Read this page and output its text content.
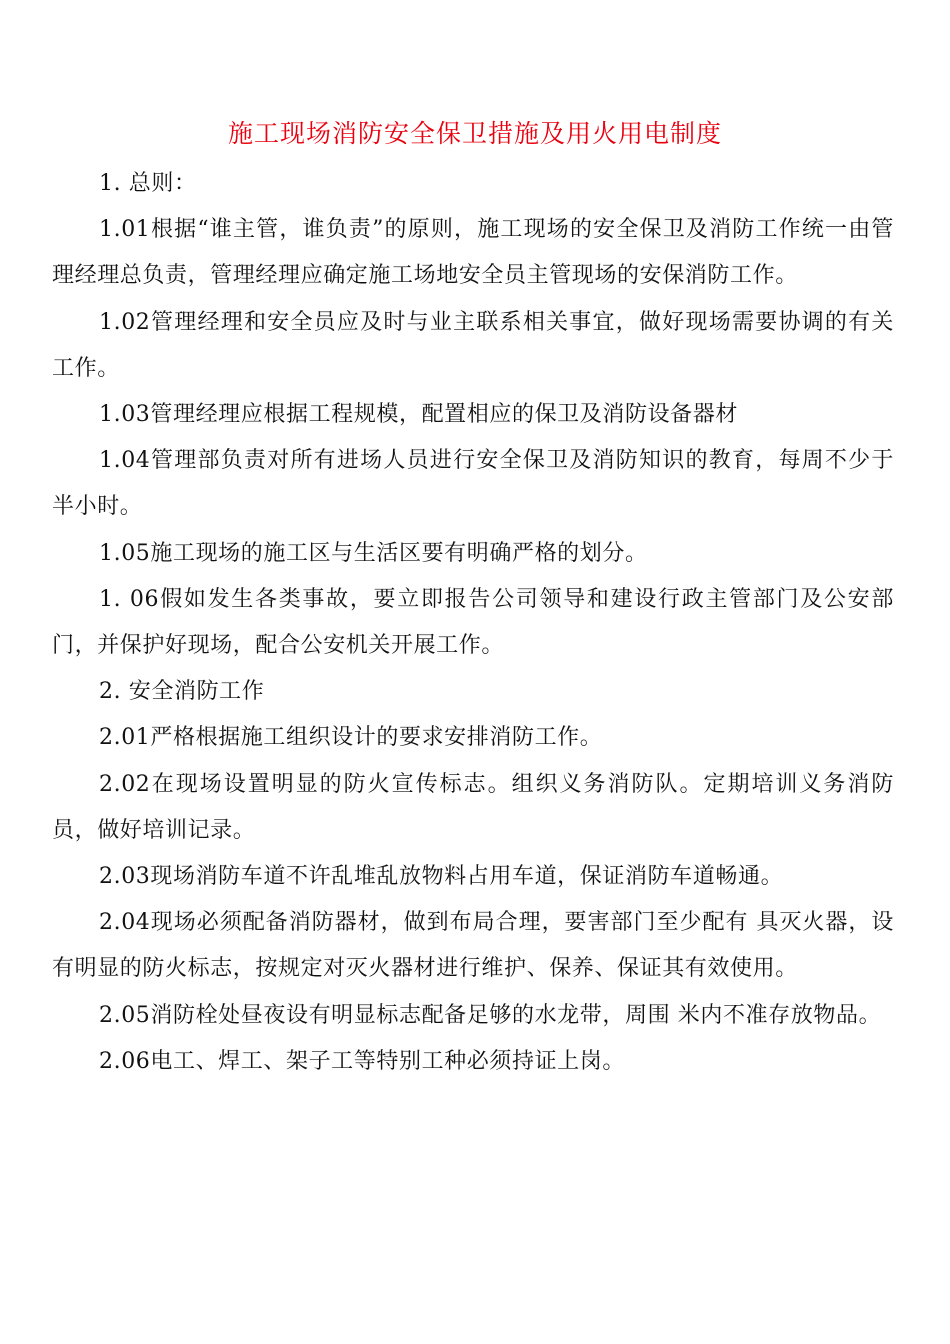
施工现场消防安全保卫措施及用火用电制度

1. 总则：

1.01根据“谁主管，谁负责”的原则，施工现场的安全保卫及消防工作统一由管理经理总负责，管理经理应确定施工场地安全员主管现场的安保消防工作。

1.02管理经理和安全员应及时与业主联系相关事宜，做好现场需要协调的有关工作。

1.03管理经理应根据工程规模，配置相应的保卫及消防设备器材

1.04管理部负责对所有进场人员进行安全保卫及消防知识的教育，每周不少于半小时。

1.05施工现场的施工区与生活区要有明确严格的划分。

1. 06假如发生各类事故，要立即报告公司领导和建设行政主管部门及公安部门，并保护好现场，配合公安机关开展工作。

2. 安全消防工作

2.01严格根据施工组织设计的要求安排消防工作。

2.02在现场设置明显的防火宣传标志。组织义务消防队。定期培训义务消防员，做好培训记录。

2.03现场消防车道不许乱堆乱放物料占用车道，保证消防车道畅通。

2.04现场必须配备消防器材，做到布局合理，要害部门至少配有 具灭火器，设有明显的防火标志，按规定对灭火器材进行维护、保养、保证其有效使用。

2.05消防栓处昼夜设有明显标志配备足够的水龙带，周围 米内不准存放物品。

2.06电工、焊工、架子工等特别工种必须持证上岗。
